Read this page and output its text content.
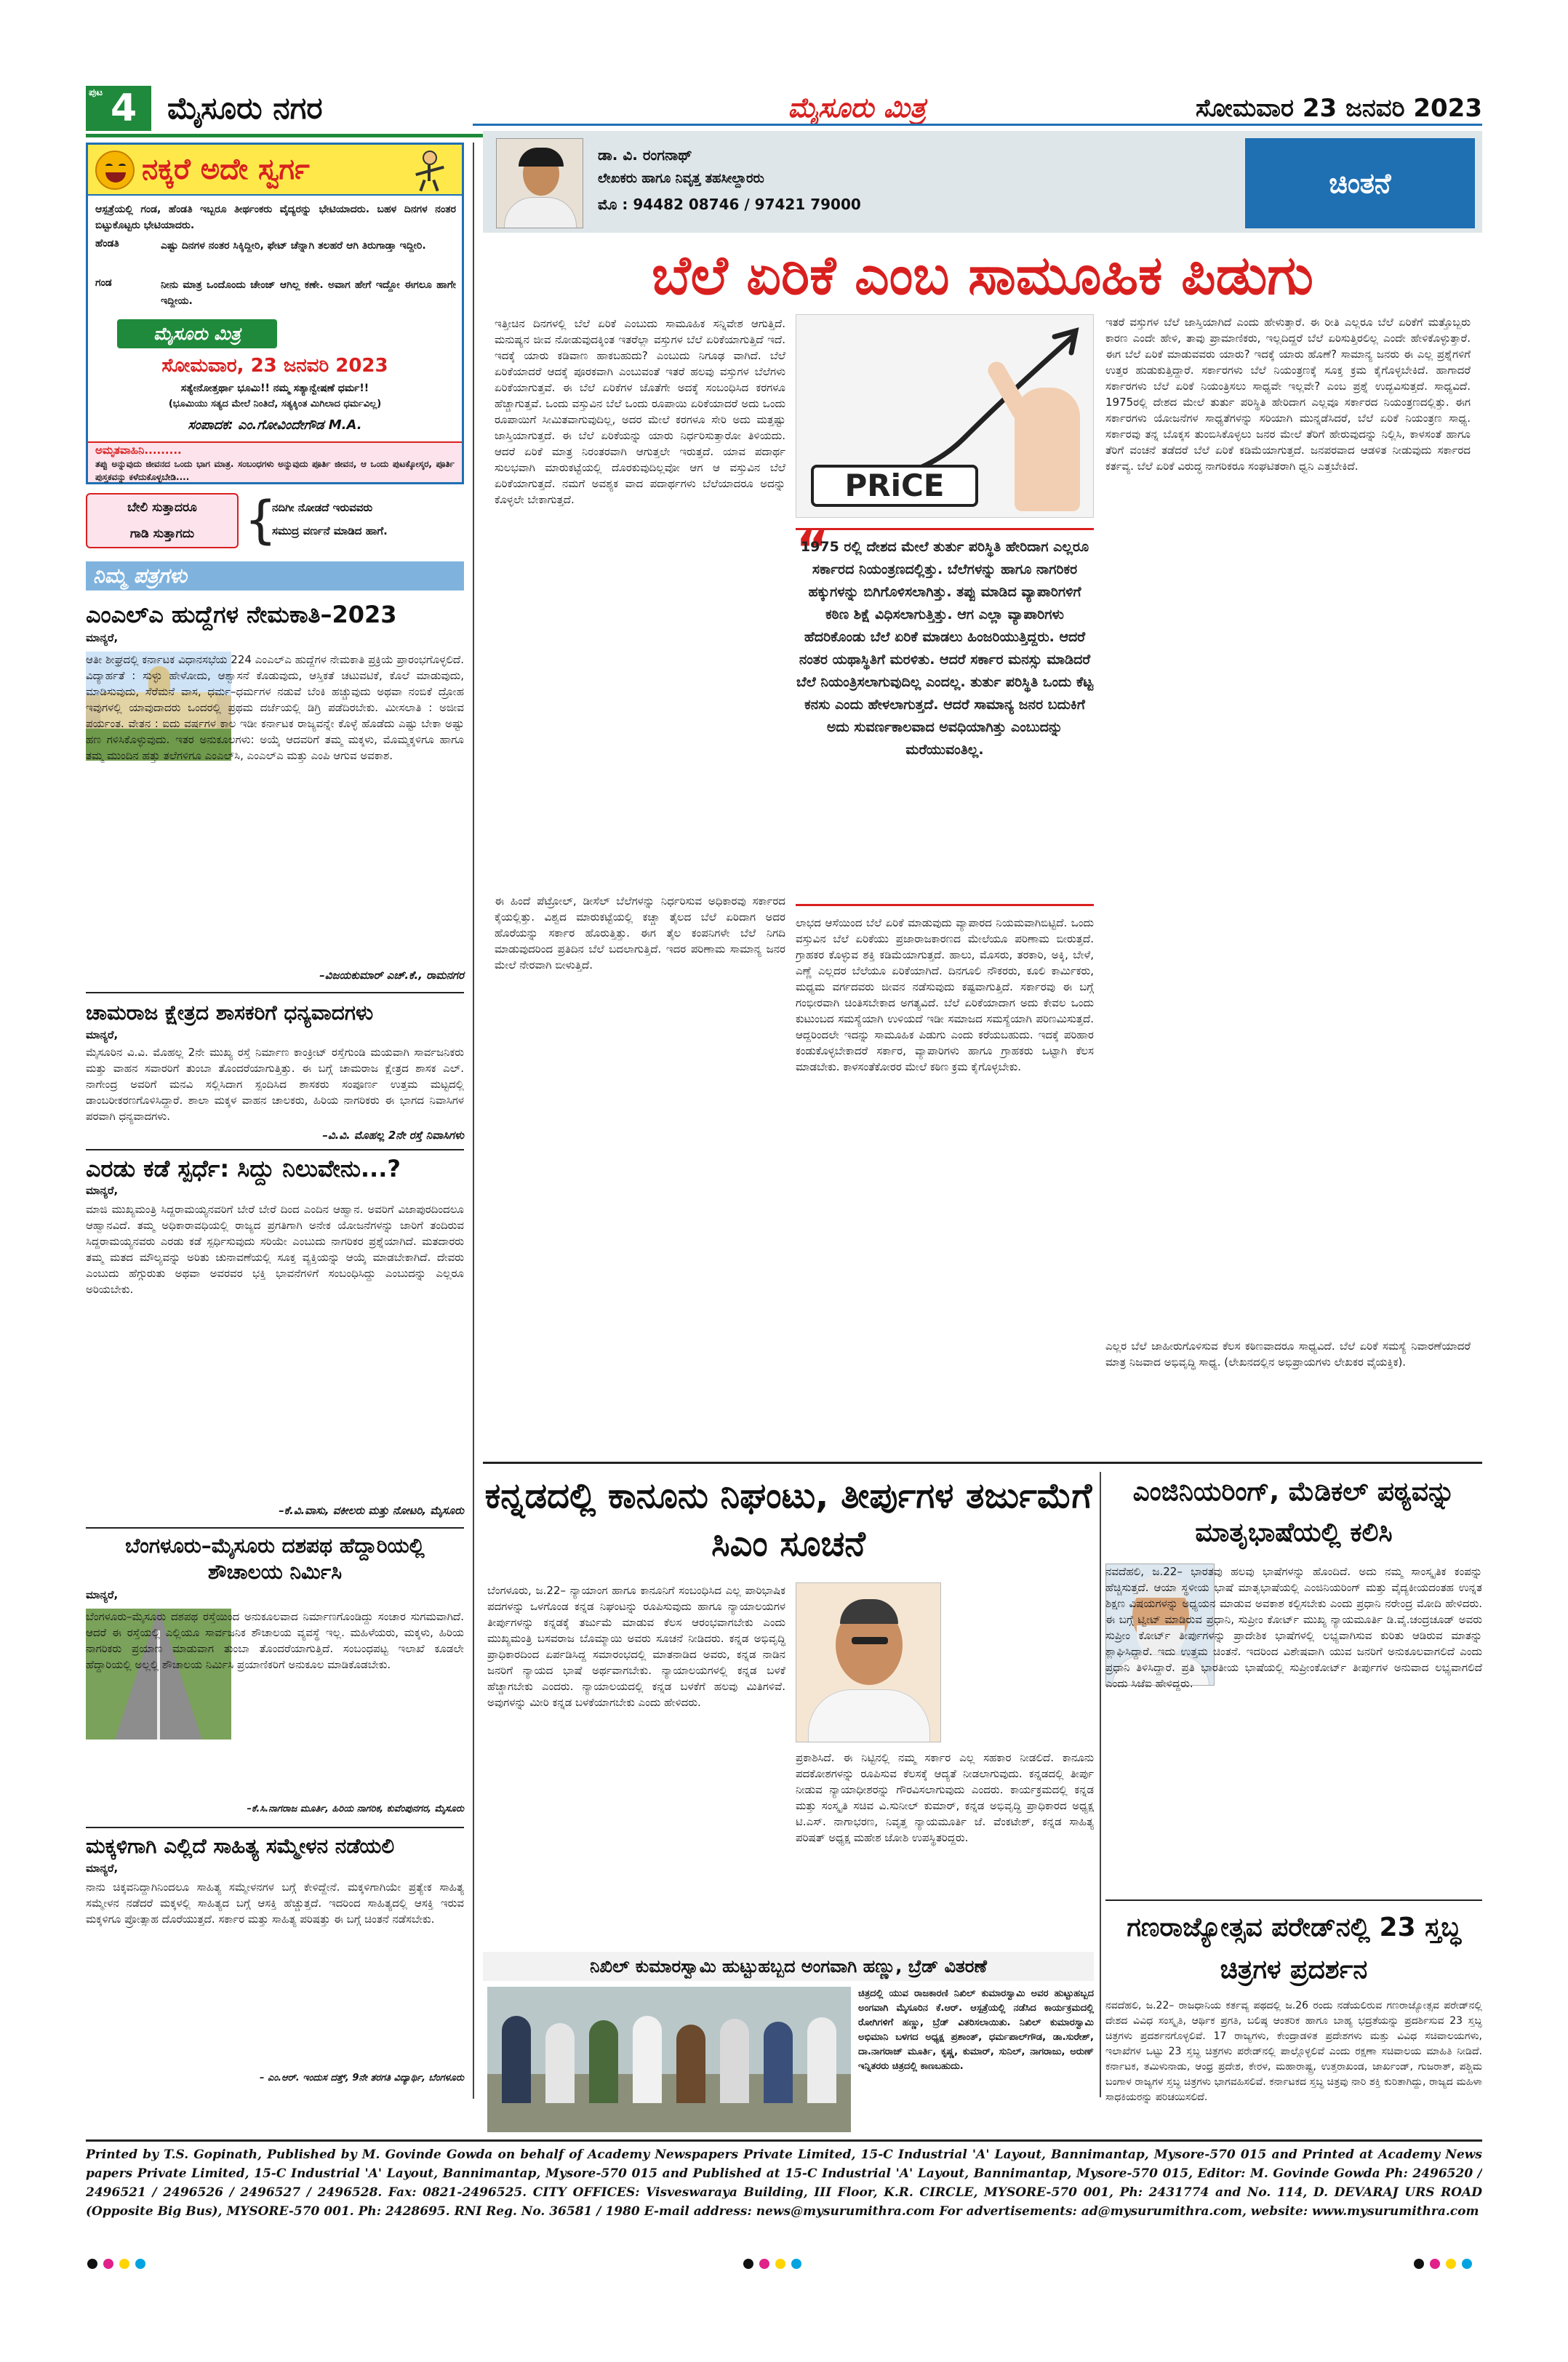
ಪುಟ 4 ಮೈಸೂರು ನಗರ	ಮೈಸೂರು ಮಿತ್ರ	ಸೋಮವಾರ 23 ಜನವರಿ 2023
ನಕ್ಕರೆ ಅದೇ ಸ್ವರ್ಗ
ಆಸ್ಪತ್ರೆಯಲ್ಲಿ ಗಂಡ, ಹೆಂಡತಿ ಇಬ್ಬರೂ ತೀರ್ಥಂಕರು ವೈದ್ಯರನ್ನು ಭೇಟಿಯಾದರು. ಬಹಳ ದಿನಗಳ ನಂತರ ಬಿಟ್ಟುಕೊಟ್ಟರು ಭೇಟಿಯಾದರು.
ಹೆಂಡತಿ	ಎಷ್ಟು ದಿನಗಳ ನಂತರ ಸಿಕ್ಕಿದ್ದೀರಿ, ಫೇಟ್ ಚೆನ್ನಾಗಿ ತಲಹರೆ ಆಗಿ ತಿರುಗಾಡ್ತಾ ಇದ್ದೀರಿ.
ಗಂಡ	ನೀನು ಮಾತ್ರ ಒಂದೊಂದು ಚೇಂಜ್ ಆಗಿಲ್ಲ ಕಣೇ. ಅವಾಗ ಹೇಗೆ ಇದ್ದೋ ಈಗಲೂ ಹಾಗೇ ಇದ್ದೀಯ.
ಮೈಸೂರು ಮಿತ್ರ
ಸೋಮವಾರ, 23 ಜನವರಿ 2023
ಸತ್ಯೇನೋತ್ತರ್ಥಾ ಭೂಮಿ!! ನಮ್ಮ ಸತ್ಯಾನ್ವೇಷಣೆ ಧರ್ಮ!!
(ಭೂಮಿಯು ಸತ್ಯದ ಮೇಲೆ ನಿಂತಿದೆ, ಸತ್ಯಕ್ಕಿಂತ ಮಿಗಿಲಾದ ಧರ್ಮವಿಲ್ಲ)
ಸಂಪಾದಕ: ಎಂ.ಗೋವಿಂದೇಗೌಡ M.A.
ಅಮೃತವಾಹಿನಿ.........
ತಪ್ಪು ಅನ್ನುವುದು ಜೀವನದ ಒಂದು ಭಾಗ ಮಾತ್ರ. ಸಂಬಂಧಗಳು ಅನ್ನುವುದು ಪೂರ್ತಿ ಜೀವನ, ಆ ಒಂದು ಪುಟಕ್ಕೋಸ್ಕರ, ಪೂರ್ತಿ ಪುಸ್ತಕವನ್ನು ಕಳೆದುಕೊಳ್ಳಬೇಡಿ....
ಬೇಲಿ ಸುತ್ತಾದರೂ
ಗಾಡಿ ಸುತ್ತಾಗದು {
ನದಿಗೀ ನೋಡದೆ ಇರುವವರು
ಸಮುದ್ರ ವರ್ಣನೆ ಮಾಡಿದ ಹಾಗೆ.
ನಿಮ್ಮ ಪತ್ರಗಳು
ಎಂಎಲ್‌ಎ ಹುದ್ದೆಗಳ ನೇಮಕಾತಿ–2023
ಮಾನ್ಯರೆ,
ಆತೀ ಶೀಘ್ರದಲ್ಲಿ ಕರ್ನಾಟಕ ವಿಧಾನಸಭೆಯ 224 ಎಂಎಲ್‌ಎ ಹುದ್ದೆಗಳ ನೇಮಕಾತಿ ಪ್ರಕ್ರಿಯೆ ಪ್ರಾರಂಭಗೊಳ್ಳಲಿದೆ. ವಿದ್ಯಾರ್ಹತೆ : ಸುಳ್ಳು ಹೇಳೋದು, ಆಶ್ವಾಸನೆ ಕೊಡುವುದು, ಆಸ್ತಿಕತೆ ಚಟುವಟಿಕೆ, ಕೊಲೆ ಮಾಡುವುದು, ಮಾಡಿಸುವುದು, ಸೆರೆಮನೆ ವಾಸ, ಧರ್ಮ–ಧರ್ಮಗಳ ನಡುವೆ ಬೆಂಕಿ ಹಚ್ಚುವುದು ಅಥವಾ ನಂಬಿಕೆ ದ್ರೋಹ ಇವುಗಳಲ್ಲಿ ಯಾವುದಾದರು ಒಂದರಲ್ಲಿ ಪ್ರಥಮ ದರ್ಜೆಯಲ್ಲಿ ಡಿಗ್ರಿ ಪಡೆದಿರಬೇಕು. ಮೀಸಲಾತಿ : ಅಜೀವ ಪರ್ಯಂತ. ವೇತನ : ಐದು ವರ್ಷಗಳ ಕಾಲ ಇಡೀ ಕರ್ನಾಟಕ ರಾಜ್ಯವನ್ನೇ ಕೊಳ್ಳೆ ಹೊಡೆದು ಎಷ್ಟು ಬೇಕಾ ಅಷ್ಟು ಹಣ ಗಳಿಸಿಕೊಳ್ಳುವುದು. ಇತರ ಅನುಕೂಲಗಳು: ಅಯ್ಕೆ ಆದವರಿಗೆ ತಮ್ಮ ಮಕ್ಕಳು, ಮೊಮ್ಮಕ್ಕಳಿಗೂ ಹಾಗೂ ತಮ್ಮ ಮುಂದಿನ ಹತ್ತು ತಲೆಗಳಿಗೂ ಎಂಎಲ್‌ಸಿ, ಎಂಎಲ್‌ಎ ಮತ್ತು ಎಂಪಿ ಆಗುವ ಅವಕಾಶ.
–ವಿಜಯಕುಮಾರ್ ಎಚ್.ಕೆ., ರಾಮನಗರ
ಚಾಮರಾಜ ಕ್ಷೇತ್ರದ ಶಾಸಕರಿಗೆ ಧನ್ಯವಾದಗಳು
ಮಾನ್ಯರೆ,
ಮೈಸೂರಿನ ವಿ.ವಿ. ಮೊಹಲ್ಲ 2ನೇ ಮುಖ್ಯ ರಸ್ತೆ ನಿರ್ಮಾಣ ಕಾಂಕ್ರೀಟ್ ರಸ್ತೆಗುಂಡಿ ಮಯವಾಗಿ ಸಾರ್ವಜನಿಕರು ಮತ್ತು ವಾಹನ ಸವಾರರಿಗೆ ತುಂಬಾ ತೊಂದರೆಯಾಗುತ್ತಿತ್ತು. ಈ ಬಗ್ಗೆ ಚಾಮರಾಜ ಕ್ಷೇತ್ರದ ಶಾಸಕ ಎಲ್. ನಾಗೇಂದ್ರ ಅವರಿಗೆ ಮನವಿ ಸಲ್ಲಿಸಿದಾಗ ಸ್ಪಂದಿಸಿದ ಶಾಸಕರು ಸಂಪೂರ್ಣ ಉತ್ತಮ ಮಟ್ಟದಲ್ಲಿ ಡಾಂಬರೀಕರಣಗೊಳಿಸಿದ್ದಾರೆ. ಶಾಲಾ ಮಕ್ಕಳ ವಾಹನ ಚಾಲಕರು, ಹಿರಿಯ ನಾಗರಿಕರು ಈ ಭಾಗದ ನಿವಾಸಿಗಳ ಪರವಾಗಿ ಧನ್ಯವಾದಗಳು.
–ವಿ.ವಿ. ಮೊಹಲ್ಲ 2ನೇ ರಸ್ತೆ ನಿವಾಸಿಗಳು
ಎರಡು ಕಡೆ ಸ್ಪರ್ಧೆ: ಸಿದ್ದು ನಿಲುವೇನು...?
ಮಾನ್ಯರೆ,
ಮಾಜಿ ಮುಖ್ಯಮಂತ್ರಿ ಸಿದ್ದರಾಮಯ್ಯನವರಿಗೆ ಬೇರೆ ಬೇರೆ ದಿಂದ ಎಂದಿನ ಆಹ್ವಾನ. ಅವರಿಗೆ ವಿಜಾಪುರದಿಂದಲೂ ಆಹ್ವಾನವಿದೆ. ತಮ್ಮ ಅಧಿಕಾರಾವಧಿಯಲ್ಲಿ ರಾಜ್ಯದ ಪ್ರಗತಿಗಾಗಿ ಅನೇಕ ಯೋಜನೆಗಳನ್ನು ಜಾರಿಗೆ ತಂದಿರುವ ಸಿದ್ದರಾಮಯ್ಯನವರು ಎರಡು ಕಡೆ ಸ್ಪರ್ಧಿಸುವುದು ಸರಿಯೇ ಎಂಬುದು ನಾಗರಿಕರ ಪ್ರಶ್ನೆಯಾಗಿದೆ. ಮತದಾರರು ತಮ್ಮ ಮತದ ಮೌಲ್ಯವನ್ನು ಅರಿತು ಚುನಾವಣೆಯಲ್ಲಿ ಸೂಕ್ತ ವ್ಯಕ್ತಿಯನ್ನು ಆಯ್ಕೆ ಮಾಡಬೇಕಾಗಿದೆ. ದೇವರು ಎಂಬುದು ಹೆಗ್ಗುರುತು ಅಥವಾ ಅವರವರ ಭಕ್ತಿ ಭಾವನೆಗಳಿಗೆ ಸಂಬಂಧಿಸಿದ್ದು ಎಂಬುದನ್ನು ಎಲ್ಲರೂ ಅರಿಯಬೇಕು.
–ಕೆ.ವಿ.ವಾಸು, ವಕೀಲರು ಮತ್ತು ನೋಟರಿ, ಮೈಸೂರು
ಬೆಂಗಳೂರು–ಮೈಸೂರು ದಶಪಥ ಹೆದ್ದಾರಿಯಲ್ಲಿ ಶೌಚಾಲಯ ನಿರ್ಮಿಸಿ
ಮಾನ್ಯರೆ,
ಬೆಂಗಳೂರು–ಮೈಸೂರು ದಶಪಥ ರಸ್ತೆಯಿಂದ ಅನುಕೂಲವಾದ ನಿರ್ಮಾಣಗೊಂಡಿದ್ದು ಸಂಚಾರ ಸುಗಮವಾಗಿದೆ. ಆದರೆ ಈ ರಸ್ತೆಯಲ್ಲಿ ಎಲ್ಲಿಯೂ ಸಾರ್ವಜನಿಕ ಶೌಚಾಲಯ ವ್ಯವಸ್ಥೆ ಇಲ್ಲ. ಮಹಿಳೆಯರು, ಮಕ್ಕಳು, ಹಿರಿಯ ನಾಗರಿಕರು ಪ್ರಯಾಣ ಮಾಡುವಾಗ ತುಂಬಾ ತೊಂದರೆಯಾಗುತ್ತಿದೆ. ಸಂಬಂಧಪಟ್ಟ ಇಲಾಖೆ ಕೂಡಲೇ ಹೆದ್ದಾರಿಯಲ್ಲಿ ಅಲ್ಲಲ್ಲಿ ಶೌಚಾಲಯ ನಿರ್ಮಿಸಿ ಪ್ರಯಾಣಿಕರಿಗೆ ಅನುಕೂಲ ಮಾಡಿಕೊಡಬೇಕು.
–ಕೆ.ಸಿ.ನಾಗರಾಜ ಮೂರ್ತಿ, ಹಿರಿಯ ನಾಗರಿಕ, ಕುವೆಂಪುನಗರ, ಮೈಸೂರು
ಮಕ್ಕಳಿಗಾಗಿ ಎಲ್ಲಿದೆ ಸಾಹಿತ್ಯ ಸಮ್ಮೇಳನ ನಡೆಯಲಿ
ಮಾನ್ಯರೆ,
ನಾನು ಚಿಕ್ಕವನಿದ್ದಾಗಿನಿಂದಲೂ ಸಾಹಿತ್ಯ ಸಮ್ಮೇಳನಗಳ ಬಗ್ಗೆ ಕೇಳಿದ್ದೇನೆ. ಮಕ್ಕಳಿಗಾಗಿಯೇ ಪ್ರತ್ಯೇಕ ಸಾಹಿತ್ಯ ಸಮ್ಮೇಳನ ನಡೆದರೆ ಮಕ್ಕಳಲ್ಲಿ ಸಾಹಿತ್ಯದ ಬಗ್ಗೆ ಆಸಕ್ತಿ ಹೆಚ್ಚುತ್ತದೆ. ಇದರಿಂದ ಸಾಹಿತ್ಯದಲ್ಲಿ ಆಸಕ್ತಿ ಇರುವ ಮಕ್ಕಳಿಗೂ ಪ್ರೋತ್ಸಾಹ ದೊರೆಯುತ್ತದೆ. ಸರ್ಕಾರ ಮತ್ತು ಸಾಹಿತ್ಯ ಪರಿಷತ್ತು ಈ ಬಗ್ಗೆ ಚಿಂತನೆ ನಡೆಸಬೇಕು.
– ಎಂ.ಆರ್. ಇಂದುಸ ದತ್ತ್, 9ನೇ ತರಗತಿ ವಿದ್ಯಾರ್ಥಿ, ಬೆಂಗಳೂರು
ಡಾ. ವಿ. ರಂಗನಾಥ್
ಲೇಖಕರು ಹಾಗೂ ನಿವೃತ್ತ ತಹಸೀಲ್ದಾರರು
ಮೊ : 94482 08746 / 97421 79000
ಚಿಂತನೆ
ಬೆಲೆ ಏರಿಕೆ ಎಂಬ ಸಾಮೂಹಿಕ ಪಿಡುಗು
ಇತ್ತೀಚಿನ ದಿನಗಳಲ್ಲಿ ಬೆಲೆ ಏರಿಕೆ ಎಂಬುದು ಸಾಮೂಹಿಕ ಸನ್ನಿವೇಶ ಆಗುತ್ತಿದೆ. ಮನುಷ್ಯನ ಜೀವ ನೋಡುವುದಕ್ಕಿಂತ ಇತರೆಲ್ಲಾ ವಸ್ತುಗಳ ಬೆಲೆ ಏರಿಕೆಯಾಗುತ್ತಿದೆ ಇದೆ. ಇದಕ್ಕೆ ಯಾರು ಕಡಿವಾಣ ಹಾಕಬಹುದು? ಎಂಬುದು ನಿಗೂಢ ವಾಗಿದೆ. ಬೆಲೆ ಏರಿಕೆಯಾದರೆ ಆದಕ್ಕೆ ಪೂರಕವಾಗಿ ಎಂಬುವಂತೆ ಇತರೆ ಹಲವು ವಸ್ತುಗಳ ಬೆಲೆಗಳು ಏರಿಕೆಯಾಗುತ್ತವೆ. ಈ ಬೆಲೆ ಏರಿಕೆಗಳ ಜೊತೆಗೇ ಅದಕ್ಕೆ ಸಂಬಂಧಿಸಿದ ಕರಗಳೂ ಹೆಚ್ಚಾಗುತ್ತವೆ. ಒಂದು ವಸ್ತುವಿನ ಬೆಲೆ ಒಂದು ರೂಪಾಯಿ ಏರಿಕೆಯಾದರೆ ಅದು ಒಂದು ರೂಪಾಯಿಗೆ ಸೀಮಿತವಾಗುವುದಿಲ್ಲ, ಅದರ ಮೇಲೆ ಕರಗಳೂ ಸೇರಿ ಅದು ಮತ್ತಷ್ಟು ಜಾಸ್ತಿಯಾಗುತ್ತದೆ. ಈ ಬೆಲೆ ಏರಿಕೆಯನ್ನು ಯಾರು ನಿರ್ಧರಿಸುತ್ತಾರೋ ತಿಳಿಯದು. ಆದರೆ ಏರಿಕೆ ಮಾತ್ರ ನಿರಂತರವಾಗಿ ಆಗುತ್ತಲೇ ಇರುತ್ತದೆ. ಯಾವ ಪದಾರ್ಥ ಸುಲಭವಾಗಿ ಮಾರುಕಟ್ಟೆಯಲ್ಲಿ ದೊರಕುವುದಿಲ್ಲವೋ ಆಗ ಆ ವಸ್ತುವಿನ ಬೆಲೆ ಏರಿಕೆಯಾಗುತ್ತದೆ. ನಮಗೆ ಅವಶ್ಯಕ ವಾದ ಪದಾರ್ಥಗಳು ಬೆಲೆಯಾದರೂ ಅದನ್ನು ಕೊಳ್ಳಲೇ ಬೇಕಾಗುತ್ತದೆ.
ಈ ಹಿಂದೆ ಪೆಟ್ರೋಲ್, ಡೀಸೆಲ್ ಬೆಲೆಗಳನ್ನು ನಿರ್ಧರಿಸುವ ಅಧಿಕಾರವು ಸರ್ಕಾರದ ಕೈಯಲ್ಲಿತ್ತು. ವಿಶ್ವದ ಮಾರುಕಟ್ಟೆಯಲ್ಲಿ ಕಚ್ಚಾ ತೈಲದ ಬೆಲೆ ಏರಿದಾಗ ಅದರ ಹೊರೆಯನ್ನು ಸರ್ಕಾರ ಹೊರುತ್ತಿತ್ತು. ಈಗ ತೈಲ ಕಂಪನಿಗಳೇ ಬೆಲೆ ನಿಗದಿ ಮಾಡುವುದರಿಂದ ಪ್ರತಿದಿನ ಬೆಲೆ ಬದಲಾಗುತ್ತಿದೆ. ಇದರ ಪರಿಣಾಮ ಸಾಮಾನ್ಯ ಜನರ ಮೇಲೆ ನೇರವಾಗಿ ಬೀಳುತ್ತಿದೆ.
PRiCE
“
1975 ರಲ್ಲಿ ದೇಶದ ಮೇಲೆ ತುರ್ತು ಪರಿಸ್ಥಿತಿ ಹೇರಿದಾಗ ಎಲ್ಲರೂ ಸರ್ಕಾರದ ನಿಯಂತ್ರಣದಲ್ಲಿತ್ತು. ಬೆಲೆಗಳನ್ನು ಹಾಗೂ ನಾಗರಿಕರ ಹಕ್ಕುಗಳನ್ನು ಬಿಗಿಗೊಳಿಸಲಾಗಿತ್ತು. ತಪ್ಪು ಮಾಡಿದ ವ್ಯಾಪಾರಿಗಳಿಗೆ ಕಠಿಣ ಶಿಕ್ಷೆ ವಿಧಿಸಲಾಗುತ್ತಿತ್ತು. ಆಗ ಎಲ್ಲಾ ವ್ಯಾಪಾರಿಗಳು ಹೆದರಿಕೊಂಡು ಬೆಲೆ ಏರಿಕೆ ಮಾಡಲು ಹಿಂಜರಿಯುತ್ತಿದ್ದರು. ಆದರೆ ನಂತರ ಯಥಾಸ್ಥಿತಿಗೆ ಮರಳಿತು. ಆದರೆ ಸರ್ಕಾರ ಮನಸ್ಸು ಮಾಡಿದರೆ ಬೆಲೆ ನಿಯಂತ್ರಿಸಲಾಗುವುದಿಲ್ಲ ಎಂದಲ್ಲ. ತುರ್ತು ಪರಿಸ್ಥಿತಿ ಒಂದು ಕೆಟ್ಟ ಕನಸು ಎಂದು ಹೇಳಲಾಗುತ್ತದೆ. ಆದರೆ ಸಾಮಾನ್ಯ ಜನರ ಬದುಕಿಗೆ ಅದು ಸುವರ್ಣಕಾಲವಾದ ಅವಧಿಯಾಗಿತ್ತು ಎಂಬುದನ್ನು ಮರೆಯುವಂತಿಲ್ಲ.
ಲಾಭದ ಆಸೆಯಿಂದ ಬೆಲೆ ಏರಿಕೆ ಮಾಡುವುದು ವ್ಯಾಪಾರದ ನಿಯಮವಾಗಿಬಿಟ್ಟಿದೆ. ಒಂದು ವಸ್ತುವಿನ ಬೆಲೆ ಏರಿಕೆಯು ಪ್ರಜಾರಾಜಕಾರಣದ ಮೇಲೆಯೂ ಪರಿಣಾಮ ಬೀರುತ್ತದೆ. ಗ್ರಾಹಕರ ಕೊಳ್ಳುವ ಶಕ್ತಿ ಕಡಿಮೆಯಾಗುತ್ತದೆ. ಹಾಲು, ಮೊಸರು, ತರಕಾರಿ, ಅಕ್ಕಿ, ಬೇಳೆ, ಎಣ್ಣೆ ಎಲ್ಲದರ ಬೆಲೆಯೂ ಏರಿಕೆಯಾಗಿದೆ. ದಿನಗೂಲಿ ನೌಕರರು, ಕೂಲಿ ಕಾರ್ಮಿಕರು, ಮಧ್ಯಮ ವರ್ಗದವರು ಜೀವನ ನಡೆಸುವುದು ಕಷ್ಟವಾಗುತ್ತಿದೆ. ಸರ್ಕಾರವು ಈ ಬಗ್ಗೆ ಗಂಭೀರವಾಗಿ ಚಿಂತಿಸಬೇಕಾದ ಅಗತ್ಯವಿದೆ. ಬೆಲೆ ಏರಿಕೆಯಾದಾಗ ಅದು ಕೇವಲ ಒಂದು ಕುಟುಂಬದ ಸಮಸ್ಯೆಯಾಗಿ ಉಳಿಯದೆ ಇಡೀ ಸಮಾಜದ ಸಮಸ್ಯೆಯಾಗಿ ಪರಿಣಮಿಸುತ್ತದೆ. ಆದ್ದರಿಂದಲೇ ಇದನ್ನು ಸಾಮೂಹಿಕ ಪಿಡುಗು ಎಂದು ಕರೆಯಬಹುದು. ಇದಕ್ಕೆ ಪರಿಹಾರ ಕಂಡುಕೊಳ್ಳಬೇಕಾದರೆ ಸರ್ಕಾರ, ವ್ಯಾಪಾರಿಗಳು ಹಾಗೂ ಗ್ರಾಹಕರು ಒಟ್ಟಾಗಿ ಕೆಲಸ ಮಾಡಬೇಕು. ಕಾಳಸಂತೆಕೋರರ ಮೇಲೆ ಕಠಿಣ ಕ್ರಮ ಕೈಗೊಳ್ಳಬೇಕು.
ಇತರೆ ವಸ್ತುಗಳ ಬೆಲೆ ಜಾಸ್ತಿಯಾಗಿದೆ ಎಂದು ಹೇಳುತ್ತಾರೆ. ಈ ರೀತಿ ಎಲ್ಲರೂ ಬೆಲೆ ಏರಿಕೆಗೆ ಮತ್ತೊಬ್ಬರು ಕಾರಣ ಎಂದೇ ಹೇಳಿ, ತಾವು ಪ್ರಾಮಾಣಿಕರು, ಇಲ್ಲದಿದ್ದರೆ ಬೆಲೆ ಏರಿಸುತ್ತಿರಲಿಲ್ಲ ಎಂದೇ ಹೇಳಿಕೊಳ್ಳುತ್ತಾರೆ. ಈಗ ಬೆಲೆ ಏರಿಕೆ ಮಾಡುವವರು ಯಾರು? ಇದಕ್ಕೆ ಯಾರು ಹೊಣೆ? ಸಾಮಾನ್ಯ ಜನರು ಈ ಎಲ್ಲ ಪ್ರಶ್ನೆಗಳಿಗೆ ಉತ್ತರ ಹುಡುಕುತ್ತಿದ್ದಾರೆ. ಸರ್ಕಾರಗಳು ಬೆಲೆ ನಿಯಂತ್ರಣಕ್ಕೆ ಸೂಕ್ತ ಕ್ರಮ ಕೈಗೊಳ್ಳಬೇಕಿದೆ. ಹಾಗಾದರೆ ಸರ್ಕಾರಗಳು ಬೆಲೆ ಏರಿಕೆ ನಿಯಂತ್ರಿಸಲು ಸಾಧ್ಯವೇ ಇಲ್ಲವೇ? ಎಂಬ ಪ್ರಶ್ನೆ ಉದ್ಭವಿಸುತ್ತದೆ. ಸಾಧ್ಯವಿದೆ. 1975ರಲ್ಲಿ ದೇಶದ ಮೇಲೆ ತುರ್ತು ಪರಿಸ್ಥಿತಿ ಹೇರಿದಾಗ ಎಲ್ಲವೂ ಸರ್ಕಾರದ ನಿಯಂತ್ರಣದಲ್ಲಿತ್ತು. ಈಗ ಸರ್ಕಾರಗಳು ಯೋಜನೆಗಳ ಸಾಧ್ಯತೆಗಳನ್ನು ಸರಿಯಾಗಿ ಮುನ್ನಡೆಸಿದರೆ, ಬೆಲೆ ಏರಿಕೆ ನಿಯಂತ್ರಣ ಸಾಧ್ಯ. ಸರ್ಕಾರವು ತನ್ನ ಬೊಕ್ಕಸ ತುಂಬಿಸಿಕೊಳ್ಳಲು ಜನರ ಮೇಲೆ ತೆರಿಗೆ ಹೇರುವುದನ್ನು ನಿಲ್ಲಿಸಿ, ಕಾಳಸಂತೆ ಹಾಗೂ ತೆರಿಗೆ ವಂಚನೆ ತಡೆದರೆ ಬೆಲೆ ಏರಿಕೆ ಕಡಿಮೆಯಾಗುತ್ತದೆ. ಜನಪರವಾದ ಆಡಳಿತ ನೀಡುವುದು ಸರ್ಕಾರದ ಕರ್ತವ್ಯ. ಬೆಲೆ ಏರಿಕೆ ವಿರುದ್ಧ ನಾಗರಿಕರೂ ಸಂಘಟಿತರಾಗಿ ಧ್ವನಿ ಎತ್ತಬೇಕಿದೆ.
ಎಲ್ಲರ ಬೆಲೆ ಜಾಹೀರುಗೊಳಿಸುವ ಕೆಲಸ ಕಠಿಣವಾದರೂ ಸಾಧ್ಯವಿದೆ. ಬೆಲೆ ಏರಿಕೆ ಸಮಸ್ಯೆ ನಿವಾರಣೆಯಾದರೆ ಮಾತ್ರ ನಿಜವಾದ ಅಭಿವೃದ್ಧಿ ಸಾಧ್ಯ. (ಲೇಖನದಲ್ಲಿನ ಅಭಿಪ್ರಾಯಗಳು ಲೇಖಕರ ವೈಯಕ್ತಿಕ).
ಕನ್ನಡದಲ್ಲಿ ಕಾನೂನು ನಿಘಂಟು, ತೀರ್ಪುಗಳ ತರ್ಜುಮೆಗೆ ಸಿಎಂ ಸೂಚನೆ
ಬೆಂಗಳೂರು, ಜ.22– ನ್ಯಾಯಾಂಗ ಹಾಗೂ ಕಾನೂನಿಗೆ ಸಂಬಂಧಿಸಿದ ಎಲ್ಲ ಪಾರಿಭಾಷಿಕ ಪದಗಳನ್ನು ಒಳಗೊಂಡ ಕನ್ನಡ ನಿಘಂಟನ್ನು ರೂಪಿಸುವುದು ಹಾಗೂ ನ್ಯಾಯಾಲಯಗಳ ತೀರ್ಪುಗಳನ್ನು ಕನ್ನಡಕ್ಕೆ ತರ್ಜುಮೆ ಮಾಡುವ ಕೆಲಸ ಆರಂಭವಾಗಬೇಕು ಎಂದು ಮುಖ್ಯಮಂತ್ರಿ ಬಸವರಾಜ ಬೊಮ್ಮಾಯಿ ಅವರು ಸೂಚನೆ ನೀಡಿದರು. ಕನ್ನಡ ಅಭಿವೃದ್ಧಿ ಪ್ರಾಧಿಕಾರದಿಂದ ಏರ್ಪಡಿಸಿದ್ದ ಸಮಾರಂಭದಲ್ಲಿ ಮಾತನಾಡಿದ ಅವರು, ಕನ್ನಡ ನಾಡಿನ ಜನರಿಗೆ ನ್ಯಾಯದ ಭಾಷೆ ಅರ್ಥವಾಗಬೇಕು. ನ್ಯಾಯಾಲಯಗಳಲ್ಲಿ ಕನ್ನಡ ಬಳಕೆ ಹೆಚ್ಚಾಗಬೇಕು ಎಂದರು. ನ್ಯಾಯಾಲಯದಲ್ಲಿ ಕನ್ನಡ ಬಳಕೆಗೆ ಹಲವು ಮಿತಿಗಳಿವೆ. ಅವುಗಳನ್ನು ಮೀರಿ ಕನ್ನಡ ಬಳಕೆಯಾಗಬೇಕು ಎಂದು ಹೇಳಿದರು.
ಪ್ರಕಾಶಿಸಿದೆ. ಈ ನಿಟ್ಟಿನಲ್ಲಿ ನಮ್ಮ ಸರ್ಕಾರ ಎಲ್ಲ ಸಹಕಾರ ನೀಡಲಿದೆ. ಕಾನೂನು ಪದಕೋಶಗಳನ್ನು ರೂಪಿಸುವ ಕೆಲಸಕ್ಕೆ ಆದ್ಯತೆ ನೀಡಲಾಗುವುದು. ಕನ್ನಡದಲ್ಲಿ ತೀರ್ಪು ನೀಡುವ ನ್ಯಾಯಾಧೀಶರನ್ನು ಗೌರವಿಸಲಾಗುವುದು ಎಂದರು. ಕಾರ್ಯಕ್ರಮದಲ್ಲಿ ಕನ್ನಡ ಮತ್ತು ಸಂಸ್ಕೃತಿ ಸಚಿವ ವಿ.ಸುನೀಲ್ ಕುಮಾರ್, ಕನ್ನಡ ಅಭಿವೃದ್ಧಿ ಪ್ರಾಧಿಕಾರದ ಅಧ್ಯಕ್ಷ ಟಿ.ಎಸ್. ನಾಗಾಭರಣ, ನಿವೃತ್ತ ನ್ಯಾಯಮೂರ್ತಿ ಜೆ. ವೆಂಕಟೇಶ್, ಕನ್ನಡ ಸಾಹಿತ್ಯ ಪರಿಷತ್ ಅಧ್ಯಕ್ಷ ಮಹೇಶ ಜೋಶಿ ಉಪಸ್ಥಿತರಿದ್ದರು.
ಎಂಜಿನಿಯರಿಂಗ್, ಮೆಡಿಕಲ್ ಪಠ್ಯವನ್ನು ಮಾತೃಭಾಷೆಯಲ್ಲಿ ಕಲಿಸಿ
ನವದೆಹಲಿ, ಜ.22– ಭಾರತವು ಹಲವು ಭಾಷೆಗಳನ್ನು ಹೊಂದಿದೆ. ಅದು ನಮ್ಮ ಸಾಂಸ್ಕೃತಿಕ ಕಂಪನ್ನು ಹೆಚ್ಚಿಸುತ್ತದೆ. ಆಯಾ ಸ್ಥಳೀಯ ಭಾಷೆ ಮಾತೃಭಾಷೆಯಲ್ಲಿ ಎಂಜಿನಿಯರಿಂಗ್ ಮತ್ತು ವೈದ್ಯಕೀಯದಂತಹ ಉನ್ನತ ಶಿಕ್ಷಣ ವಿಷಯಗಳನ್ನು ಅಧ್ಯಯನ ಮಾಡುವ ಅವಕಾಶ ಕಲ್ಪಿಸಬೇಕು ಎಂದು ಪ್ರಧಾನಿ ನರೇಂದ್ರ ಮೋದಿ ಹೇಳಿದರು. ಈ ಬಗ್ಗೆ ಟ್ವೀಟ್ ಮಾಡಿರುವ ಪ್ರಧಾನಿ, ಸುಪ್ರೀಂ ಕೋರ್ಟ್ ಮುಖ್ಯ ನ್ಯಾಯಮೂರ್ತಿ ಡಿ.ವೈ.ಚಂದ್ರಚೂಡ್ ಅವರು ಸುಪ್ರೀಂ ಕೋರ್ಟ್ ತೀರ್ಪುಗಳನ್ನು ಪ್ರಾದೇಶಿಕ ಭಾಷೆಗಳಲ್ಲಿ ಲಭ್ಯವಾಗಿಸುವ ಕುರಿತು ಆಡಿರುವ ಮಾತನ್ನು ಶ್ಲಾಘಿಸಿದ್ದಾರೆ. ಇದು ಉತ್ತಮ ಚಿಂತನೆ. ಇದರಿಂದ ವಿಶೇಷವಾಗಿ ಯುವ ಜನರಿಗೆ ಅನುಕೂಲವಾಗಲಿದೆ ಎಂದು ಪ್ರಧಾನಿ ತಿಳಿಸಿದ್ದಾರೆ. ಪ್ರತಿ ಭಾರತೀಯ ಭಾಷೆಯಲ್ಲಿ ಸುಪ್ರೀಂಕೋರ್ಟ್ ತೀರ್ಪುಗಳ ಅನುವಾದ ಲಭ್ಯವಾಗಲಿದೆ ಎಂದು ಸಿಜೆಐ ಹೇಳಿದ್ದರು.
ನಿಖಿಲ್ ಕುಮಾರಸ್ವಾಮಿ ಹುಟ್ಟುಹಬ್ಬದ ಅಂಗವಾಗಿ ಹಣ್ಣು, ಬ್ರೆಡ್ ವಿತರಣೆ
ಚಿತ್ರದಲ್ಲಿ ಯುವ ರಾಜಕಾರಣಿ ನಿಖಿಲ್ ಕುಮಾರಸ್ವಾಮಿ ಅವರ ಹುಟ್ಟುಹಬ್ಬದ ಅಂಗವಾಗಿ ಮೈಸೂರಿನ ಕೆ.ಆರ್. ಆಸ್ಪತ್ರೆಯಲ್ಲಿ ನಡೆಸಿದ ಕಾರ್ಯಕ್ರಮದಲ್ಲಿ ರೋಗಿಗಳಿಗೆ ಹಣ್ಣು, ಬ್ರೆಡ್ ವಿತರಿಸಲಾಯಿತು. ನಿಖಿಲ್ ಕುಮಾರಸ್ವಾಮಿ ಅಭಿಮಾನಿ ಬಳಗದ ಅಧ್ಯಕ್ಷ ಪ್ರಶಾಂತ್, ಧರ್ಮಪಾಲ್‌ಗೌಡ, ಡಾ.ಸುರೇಶ್, ದಾ.ನಾಗರಾಜ್ ಮೂರ್ತಿ, ಕೃಷ್ಣ, ಕುಮಾರ್, ಸುನಿಲ್, ನಾಗರಾಜು, ಅರುಣ್ ಇನ್ನಿತರರು ಚಿತ್ರದಲ್ಲಿ ಕಾಣಬಹುದು.
ಗಣರಾಜ್ಯೋತ್ಸವ ಪರೇಡ್‌ನಲ್ಲಿ 23 ಸ್ತಬ್ಧ ಚಿತ್ರಗಳ ಪ್ರದರ್ಶನ
ನವದೆಹಲಿ, ಜ.22– ರಾಜಧಾನಿಯ ಕರ್ತವ್ಯ ಪಥದಲ್ಲಿ ಜ.26 ರಂದು ನಡೆಯಲಿರುವ ಗಣರಾಜ್ಯೋತ್ಸವ ಪರೇಡ್‌ನಲ್ಲಿ ದೇಶದ ವಿವಿಧ ಸಂಸ್ಕೃತಿ, ಆರ್ಥಿಕ ಪ್ರಗತಿ, ಬಲಿಷ್ಠ ಆಂತರಿಕ ಹಾಗೂ ಬಾಹ್ಯ ಭದ್ರತೆಯನ್ನು ಪ್ರದರ್ಶಿಸುವ 23 ಸ್ತಬ್ಧ ಚಿತ್ರಗಳು ಪ್ರದರ್ಶನಗೊಳ್ಳಲಿವೆ. 17 ರಾಜ್ಯಗಳು, ಕೇಂದ್ರಾಡಳಿತ ಪ್ರದೇಶಗಳು ಮತ್ತು ವಿವಿಧ ಸಚಿವಾಲಯಗಳು, ಇಲಾಖೆಗಳ ಒಟ್ಟು 23 ಸ್ತಬ್ಧ ಚಿತ್ರಗಳು ಪರೇಡ್‌ನಲ್ಲಿ ಪಾಲ್ಗೊಳ್ಳಲಿವೆ ಎಂದು ರಕ್ಷಣಾ ಸಚಿವಾಲಯ ಮಾಹಿತಿ ನೀಡಿದೆ. ಕರ್ನಾಟಕ, ತಮಿಳುನಾಡು, ಆಂಧ್ರ ಪ್ರದೇಶ, ಕೇರಳ, ಮಹಾರಾಷ್ಟ್ರ, ಉತ್ತರಾಖಂಡ, ಜಾರ್ಖಂಡ್, ಗುಜರಾತ್, ಪಶ್ಚಿಮ ಬಂಗಾಳ ರಾಜ್ಯಗಳ ಸ್ತಬ್ಧ ಚಿತ್ರಗಳು ಭಾಗವಹಿಸಲಿವೆ. ಕರ್ನಾಟಕದ ಸ್ತಬ್ಧ ಚಿತ್ರವು ನಾರಿ ಶಕ್ತಿ ಕುರಿತಾಗಿದ್ದು, ರಾಜ್ಯದ ಮಹಿಳಾ ಸಾಧಕಿಯರನ್ನು ಪರಿಚಯಿಸಲಿದೆ.
Printed by T.S. Gopinath, Published by M. Govinde Gowda on behalf of Academy Newspapers Private Limited, 15-C Industrial 'A' Layout, Bannimantap, Mysore-570 015 and Printed at Academy News papers Private Limited, 15-C Industrial 'A' Layout, Bannimantap, Mysore-570 015 and Published at 15-C Industrial 'A' Layout, Bannimantap, Mysore-570 015, Editor: M. Govinde Gowda Ph: 2496520 / 2496521 / 2496526 / 2496527 / 2496528. Fax: 0821-2496525. CITY OFFICES: Visveswaraya Building, III Floor, K.R. CIRCLE, MYSORE-570 001, Ph: 2431774 and No. 114, D. DEVARAJ URS ROAD (Opposite Big Bus), MYSORE-570 001. Ph: 2428695. RNI Reg. No. 36581 / 1980 E-mail address: news@mysurumithra.com For advertisements: ad@mysurumithra.com, website: www.mysurumithra.com
